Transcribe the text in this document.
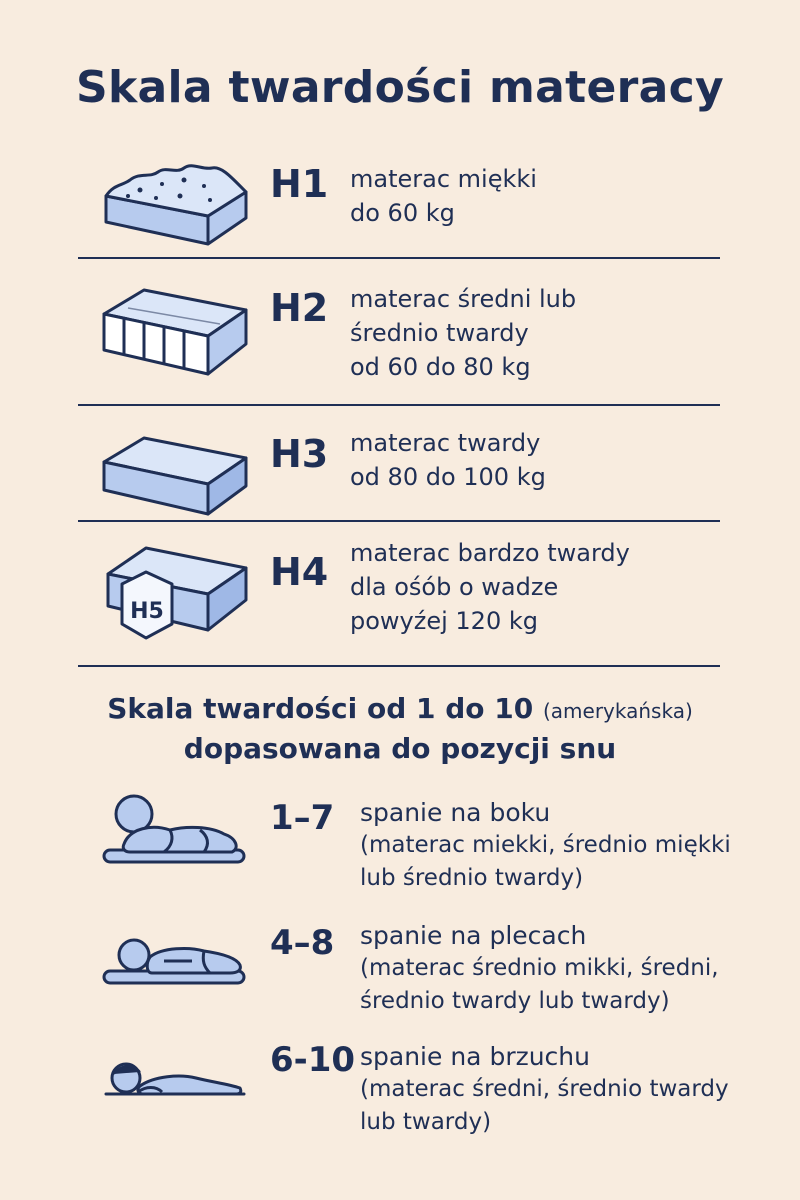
Skala twardości materacy
H1 materac miękki
do 60 kg
H2 materac średni lub
średnio twardy
od 60 do 80 kg
H3 materac twardy
od 80 do 100 kg
H5
H4 materac bardzo twardy
dla ośób o wadze
powyźej 120 kg
Skala twardości od 1 do 10 (amerykańska)
dopasowana do pozycji snu
1–7 spanie na boku
(materac miekki, średnio miękki
lub średnio twardy)
4–8 spanie na plecach
(materac średnio mikki, średni,
średnio twardy lub twardy)
6-10 spanie na brzuchu
(materac średni, średnio twardy
lub twardy)
